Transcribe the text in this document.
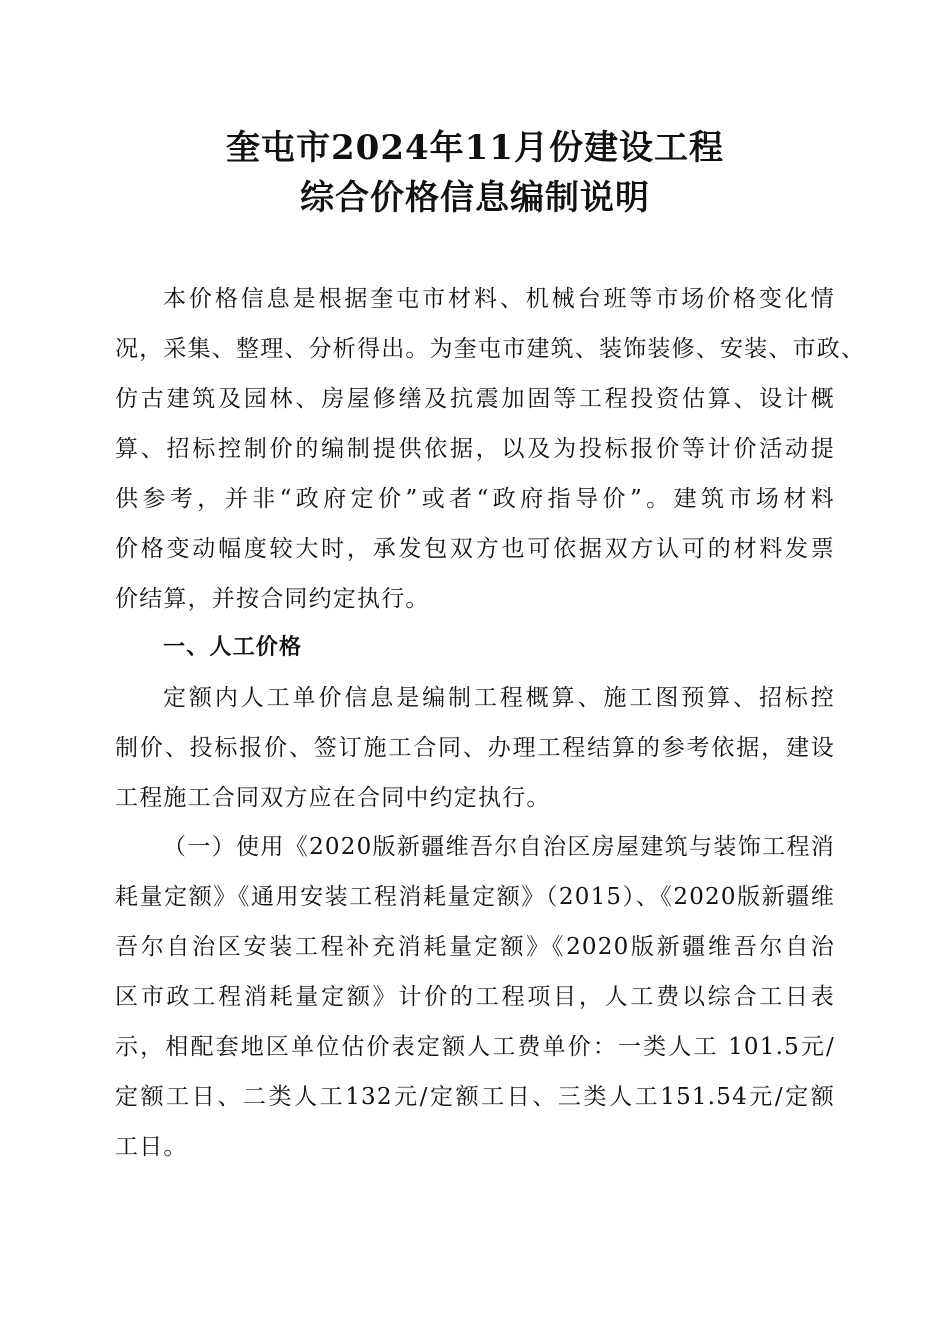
奎屯市2024年11月份建设工程
综合价格信息编制说明
本价格信息是根据奎屯市材料、机械台班等市场价格变化情
况，采集、整理、分析得出。为奎屯市建筑、装饰装修、安装、市政、
仿古建筑及园林、房屋修缮及抗震加固等工程投资估算、设计概
算、招标控制价的编制提供依据，以及为投标报价等计价活动提
供参考，并非“政府定价”或者“政府指导价”。建筑市场材料
价格变动幅度较大时，承发包双方也可依据双方认可的材料发票
价结算，并按合同约定执行。
一、人工价格
定额内人工单价信息是编制工程概算、施工图预算、招标控
制价、投标报价、签订施工合同、办理工程结算的参考依据，建设
工程施工合同双方应在合同中约定执行。
（一）使用《2020版新疆维吾尔自治区房屋建筑与装饰工程消
耗量定额》《通用安装工程消耗量定额》（2015）、《2020版新疆维
吾尔自治区安装工程补充消耗量定额》《2020版新疆维吾尔自治
区市政工程消耗量定额》计价的工程项目，人工费以综合工日表
示，相配套地区单位估价表定额人工费单价：一类人工 101.5元/
定额工日、二类人工132元/定额工日、三类人工151.54元/定额
工日。
